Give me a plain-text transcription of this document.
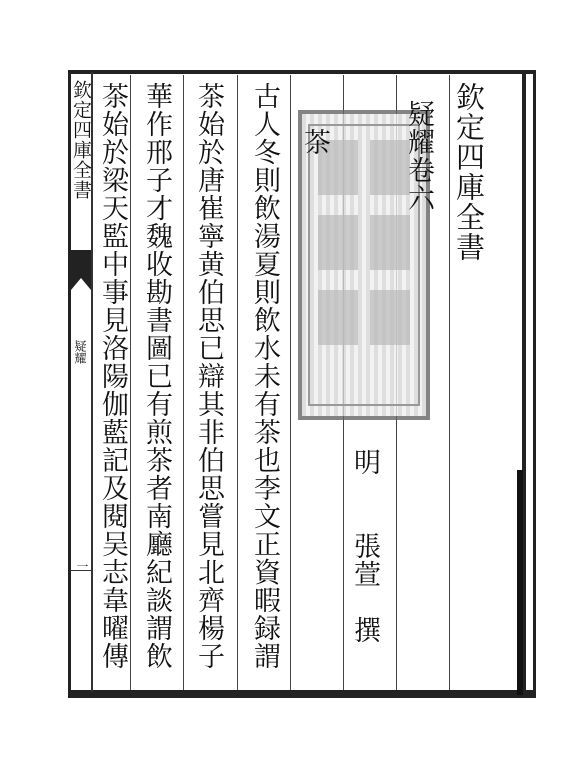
欽定四庫全書
疑耀
一
欽定四庫全書
疑耀卷六
茶
明　　張萱　撰
古人冬則飲湯夏則飲水未有茶也李文正資暇録謂
茶始於唐崔寧黄伯思已辯其非伯思嘗見北齊楊子
華作邢子才魏收勘書圖已有煎茶者南廳紀談謂飲
茶始於梁天監中事見洛陽伽藍記及閱吴志韋曜傳
